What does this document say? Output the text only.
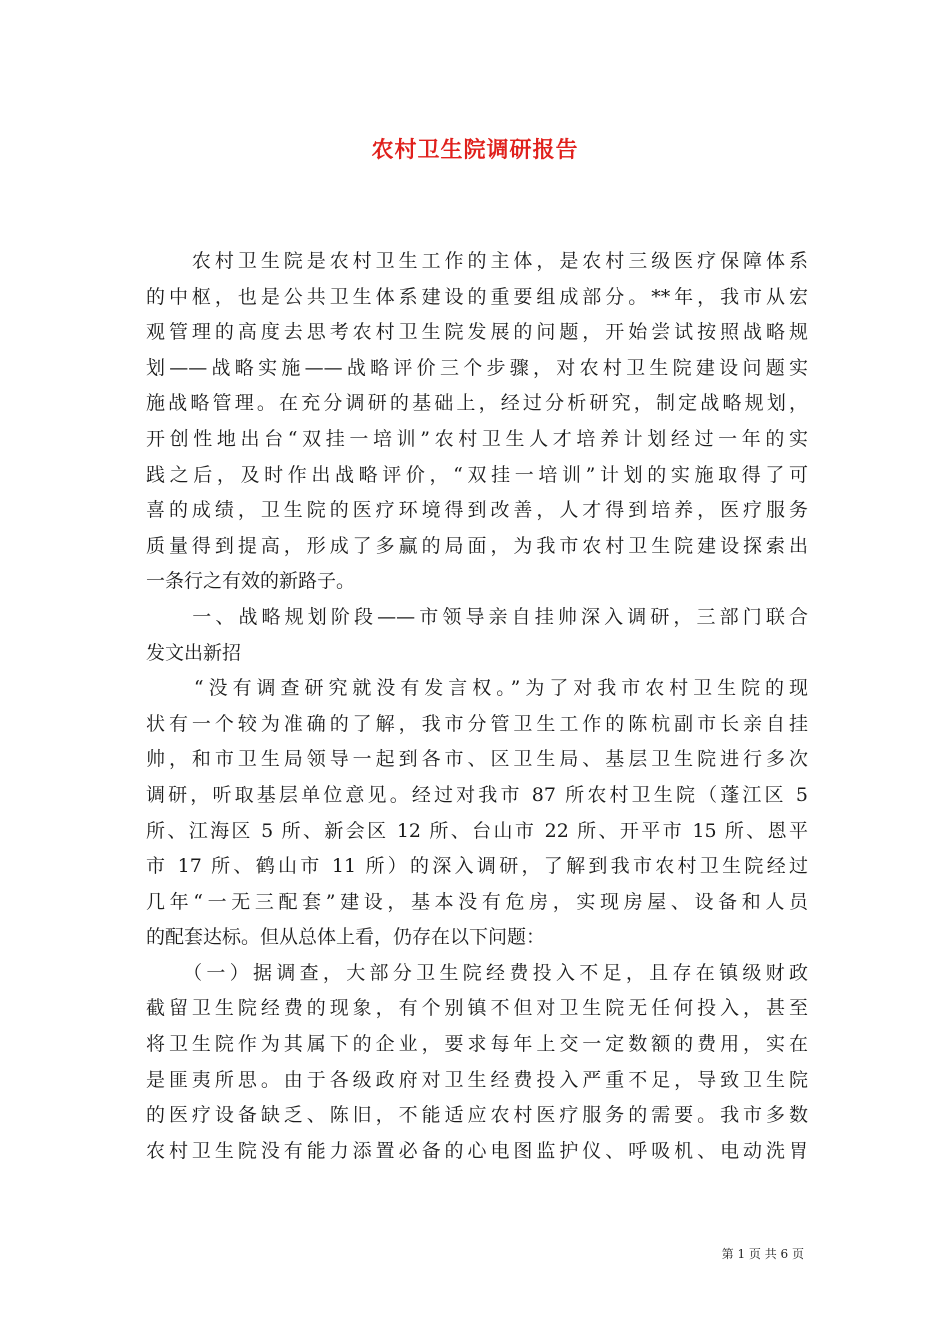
农村卫生院调研报告
　　农村卫生院是农村卫生工作的主体，是农村三级医疗保障体系
的中枢，也是公共卫生体系建设的重要组成部分。**年，我市从宏
观管理的高度去思考农村卫生院发展的问题，开始尝试按照战略规
划——战略实施——战略评价三个步骤，对农村卫生院建设问题实
施战略管理。在充分调研的基础上，经过分析研究，制定战略规划，
开创性地出台“双挂一培训”农村卫生人才培养计划经过一年的实
践之后，及时作出战略评价，“双挂一培训”计划的实施取得了可
喜的成绩，卫生院的医疗环境得到改善，人才得到培养，医疗服务
质量得到提高，形成了多赢的局面，为我市农村卫生院建设探索出
一条行之有效的新路子。
　　一、战略规划阶段——市领导亲自挂帅深入调研，三部门联合
发文出新招
　　“没有调查研究就没有发言权。”为了对我市农村卫生院的现
状有一个较为准确的了解，我市分管卫生工作的陈杭副市长亲自挂
帅，和市卫生局领导一起到各市、区卫生局、基层卫生院进行多次
调研，听取基层单位意见。经过对我市 87 所农村卫生院（蓬江区 5
所、江海区 5 所、新会区 12 所、台山市 22 所、开平市 15 所、恩平
市 17 所、鹤山市 11 所）的深入调研，了解到我市农村卫生院经过
几年“一无三配套”建设，基本没有危房，实现房屋、设备和人员
的配套达标。但从总体上看，仍存在以下问题：
　　（一）据调查，大部分卫生院经费投入不足，且存在镇级财政
截留卫生院经费的现象，有个别镇不但对卫生院无任何投入，甚至
将卫生院作为其属下的企业，要求每年上交一定数额的费用，实在
是匪夷所思。由于各级政府对卫生经费投入严重不足，导致卫生院
的医疗设备缺乏、陈旧，不能适应农村医疗服务的需要。我市多数
农村卫生院没有能力添置必备的心电图监护仪、呼吸机、电动洗胃
第 1 页 共 6 页
